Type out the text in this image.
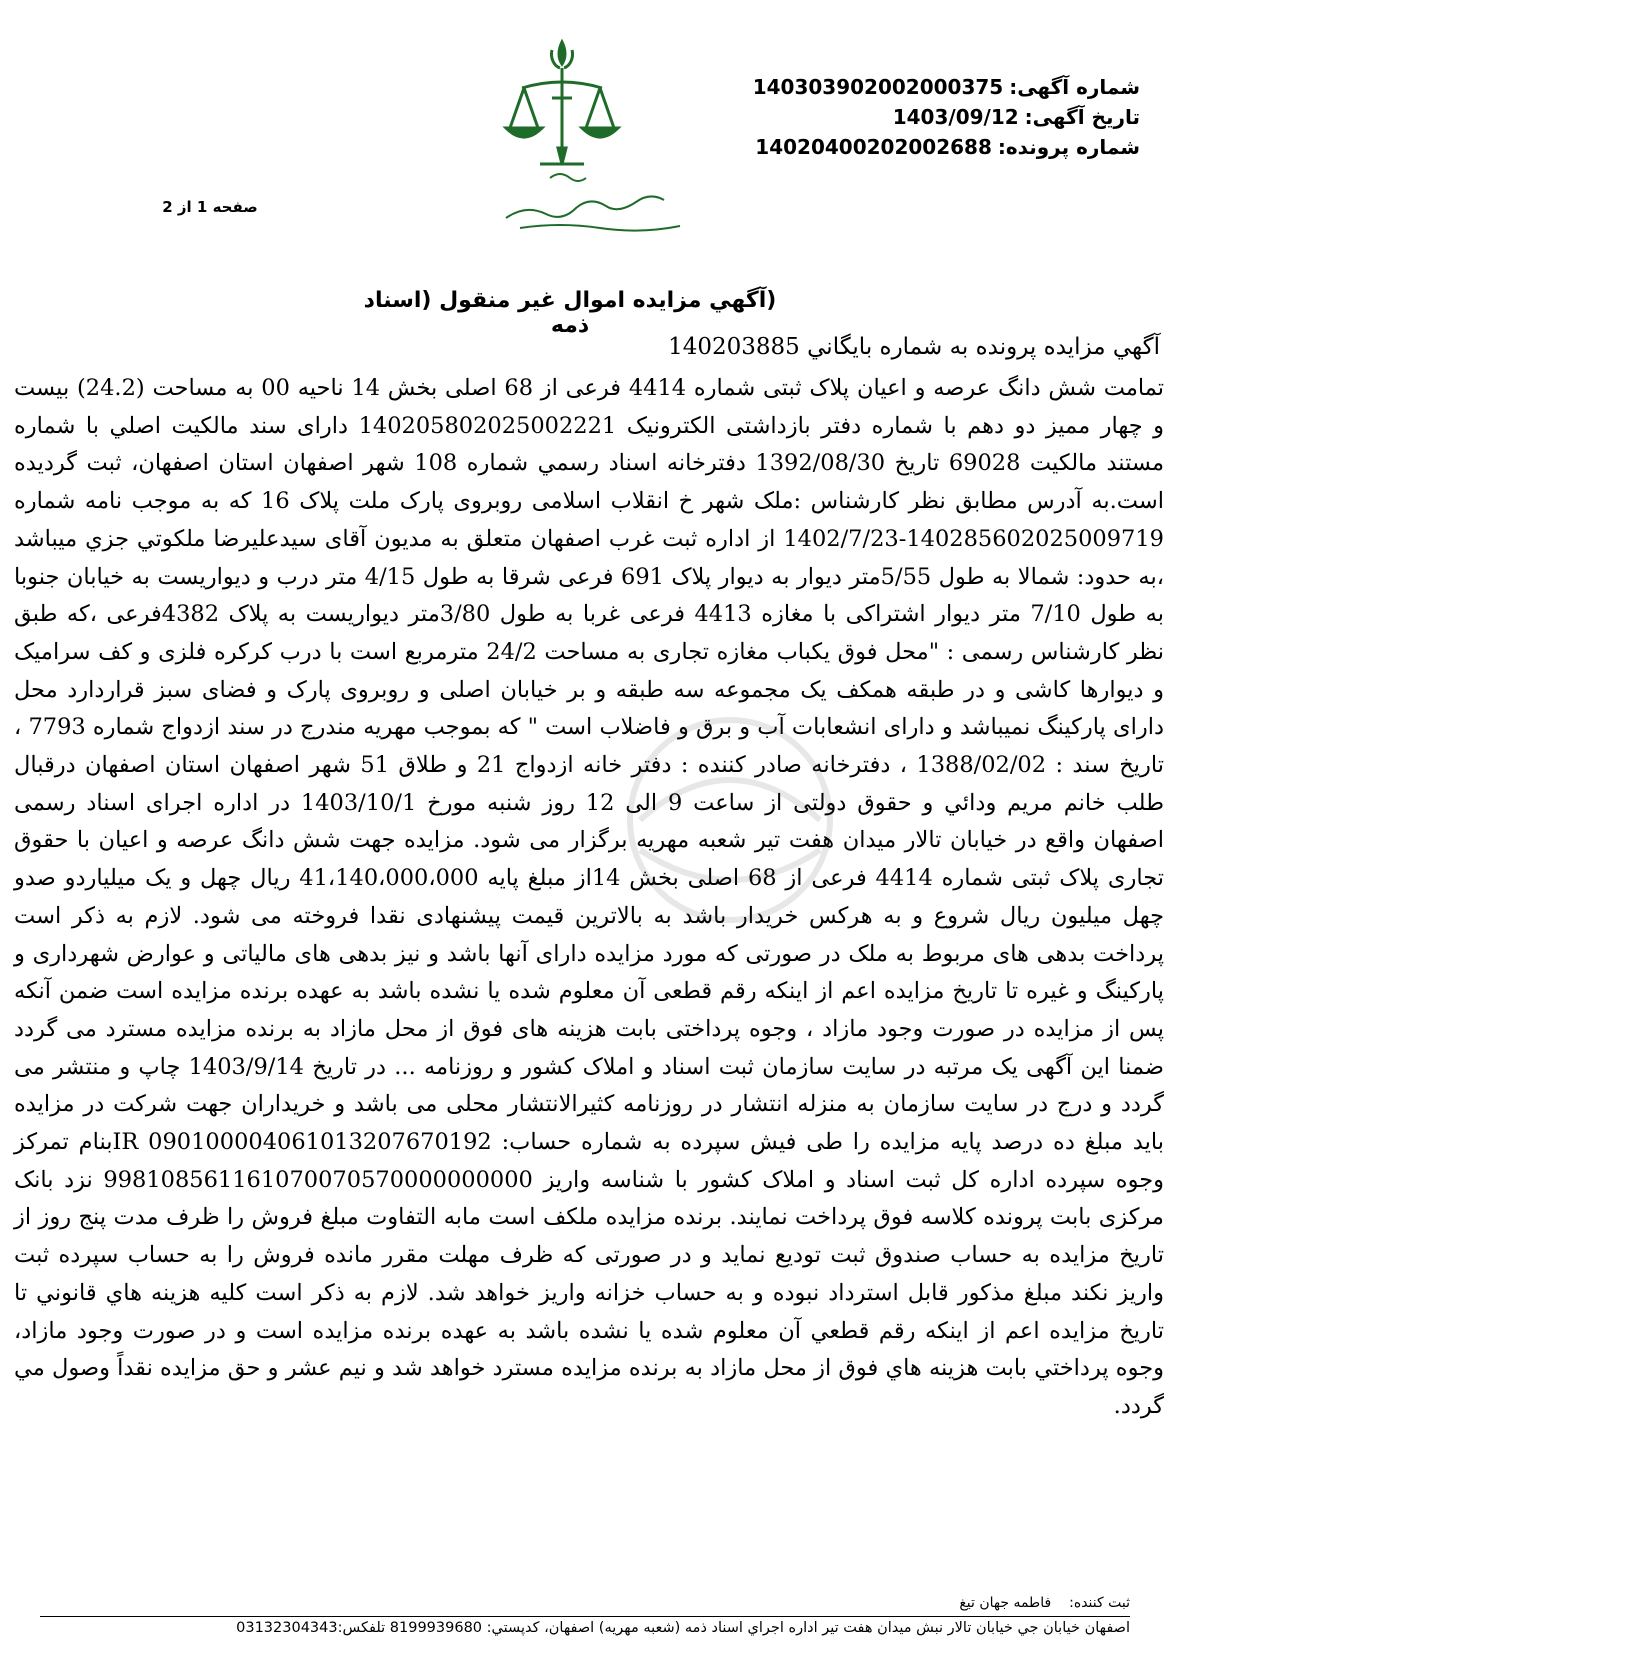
شماره آگهی:140303902002000375
تاریخ آگهی:1403/09/12
شماره پرونده:14020400202002688
صفحه 1 از 2
(آگهي مزايده اموال غير منقول (اسناد ذمه
آگهي مزايده پرونده به شماره بايگاني 140203885

تمامت شش دانگ عرصه و اعیان پلاک ثبتی شماره 4414 فرعی از 68 اصلی بخش 14 ناحیه 00 به مساحت (24.2) بیست و چهار ممیز دو دهم با شماره دفتر بازداشتی الکترونیک 140205802025002221 دارای سند مالكيت اصلي با شماره مستند مالكيت 69028 تاريخ 1392/08/30 دفترخانه اسناد رسمي شماره 108 شهر اصفهان استان اصفهان، ثبت گردیده است.به آدرس مطابق نظر کارشناس :ملک شهر خ انقلاب اسلامی روبروی پارک ملت پلاک 16 که به موجب نامه شماره 140285602025009719-1402/7/23 از اداره ثبت غرب اصفهان متعلق به مدیون آقای سیدعلیرضا ملکوتي جزي میباشد ،به حدود: شمالا به طول 5/55متر دیوار به دیوار پلاک 691 فرعی شرقا به طول 4/15 متر درب و دیواریست به خیابان جنوبا به طول 7/10 متر دیوار اشتراکی با مغازه 4413 فرعی غربا به طول 3/80متر دیواریست به پلاک 4382فرعی ،که طبق نظر کارشناس رسمی : "محل فوق یکباب مغازه تجاری به مساحت 24/2 مترمربع است با درب کرکره فلزی و کف سرامیک و دیوارها کاشی و در طبقه همکف یک مجموعه سه طبقه و بر خیابان اصلی و روبروی پارک و فضای سبز قراردارد محل دارای پارکینگ نمیباشد و دارای انشعابات آب و برق و فاضلاب است " که بموجب مهریه مندرج در سند ازدواج شماره 7793 ، تاریخ سند : 1388/02/02 ، دفترخانه صادر کننده : دفتر خانه ازدواج 21 و طلاق 51 شهر اصفهان استان اصفهان درقبال طلب خانم مریم ودائي و حقوق دولتی از ساعت 9 الی 12 روز شنبه مورخ 1403/10/1 در اداره اجرای اسناد رسمی اصفهان واقع در خیابان تالار میدان هفت تیر شعبه مهریه برگزار می شود. مزایده جهت شش دانگ عرصه و اعیان با حقوق تجاری پلاک ثبتی شماره 4414 فرعی از 68 اصلی بخش 14از مبلغ پایه 41،140،000،000 ریال چهل و یک میلیاردو صدو چهل میلیون ریال شروع و به هرکس خریدار باشد به بالاترین قیمت پیشنهادی نقدا فروخته می شود. لازم به ذکر است پرداخت بدهی های مربوط به ملک در صورتی که مورد مزایده دارای آنها باشد و نیز بدهی های مالیاتی و عوارض شهرداری و پارکینگ و غیره تا تاریخ مزایده اعم از اینکه رقم قطعی آن معلوم شده یا نشده باشد به عهده برنده مزایده است ضمن آنکه پس از مزایده در صورت وجود مازاد ، وجوه پرداختی بابت هزینه های فوق از محل مازاد به برنده مزایده مسترد می گردد ضمنا این آگهی یک مرتبه در سایت سازمان ثبت اسناد و املاک کشور و روزنامه ... در تاریخ 1403/9/14 چاپ و منتشر می گردد و درج در سایت سازمان به منزله انتشار در روزنامه کثیرالانتشار محلی می باشد و خریداران جهت شرکت در مزایده باید مبلغ ده درصد پایه مزایده را طی فیش سپرده به شماره حساب: IR 090100004061013207670192بنام تمرکز وجوه سپرده اداره کل ثبت اسناد و املاک کشور با شناسه واریز 998108561161070070570000000000 نزد بانک مرکزی بابت پرونده کلاسه فوق پرداخت نمایند. برنده مزایده ملکف است مابه التفاوت مبلغ فروش را ظرف مدت پنج روز از تاریخ مزایده به حساب صندوق ثبت تودیع نماید و در صورتی که ظرف مهلت مقرر مانده فروش را به حساب سپرده ثبت واریز نکند مبلغ مذکور قابل استرداد نبوده و به حساب خزانه واریز خواهد شد. لازم به ذكر است كليه هزينه هاي قانوني تا تاريخ مزايده اعم از اينكه رقم قطعي آن معلوم شده يا نشده باشد به عهده برنده مزايده است و در صورت وجود مازاد، وجوه پرداختي بابت هزينه هاي فوق از محل مازاد به برنده مزايده مسترد خواهد شد و نيم عشر و حق مزايده نقداً وصول مي گردد.

ثبت کننده:فاطمه جهان تیغ
اصفهان خيابان جي خيابان تالار نبش ميدان هفت تير اداره اجراي اسناد ذمه (شعبه مهريه) اصفهان، کدپستي: 8199939680 تلفکس:03132304343
